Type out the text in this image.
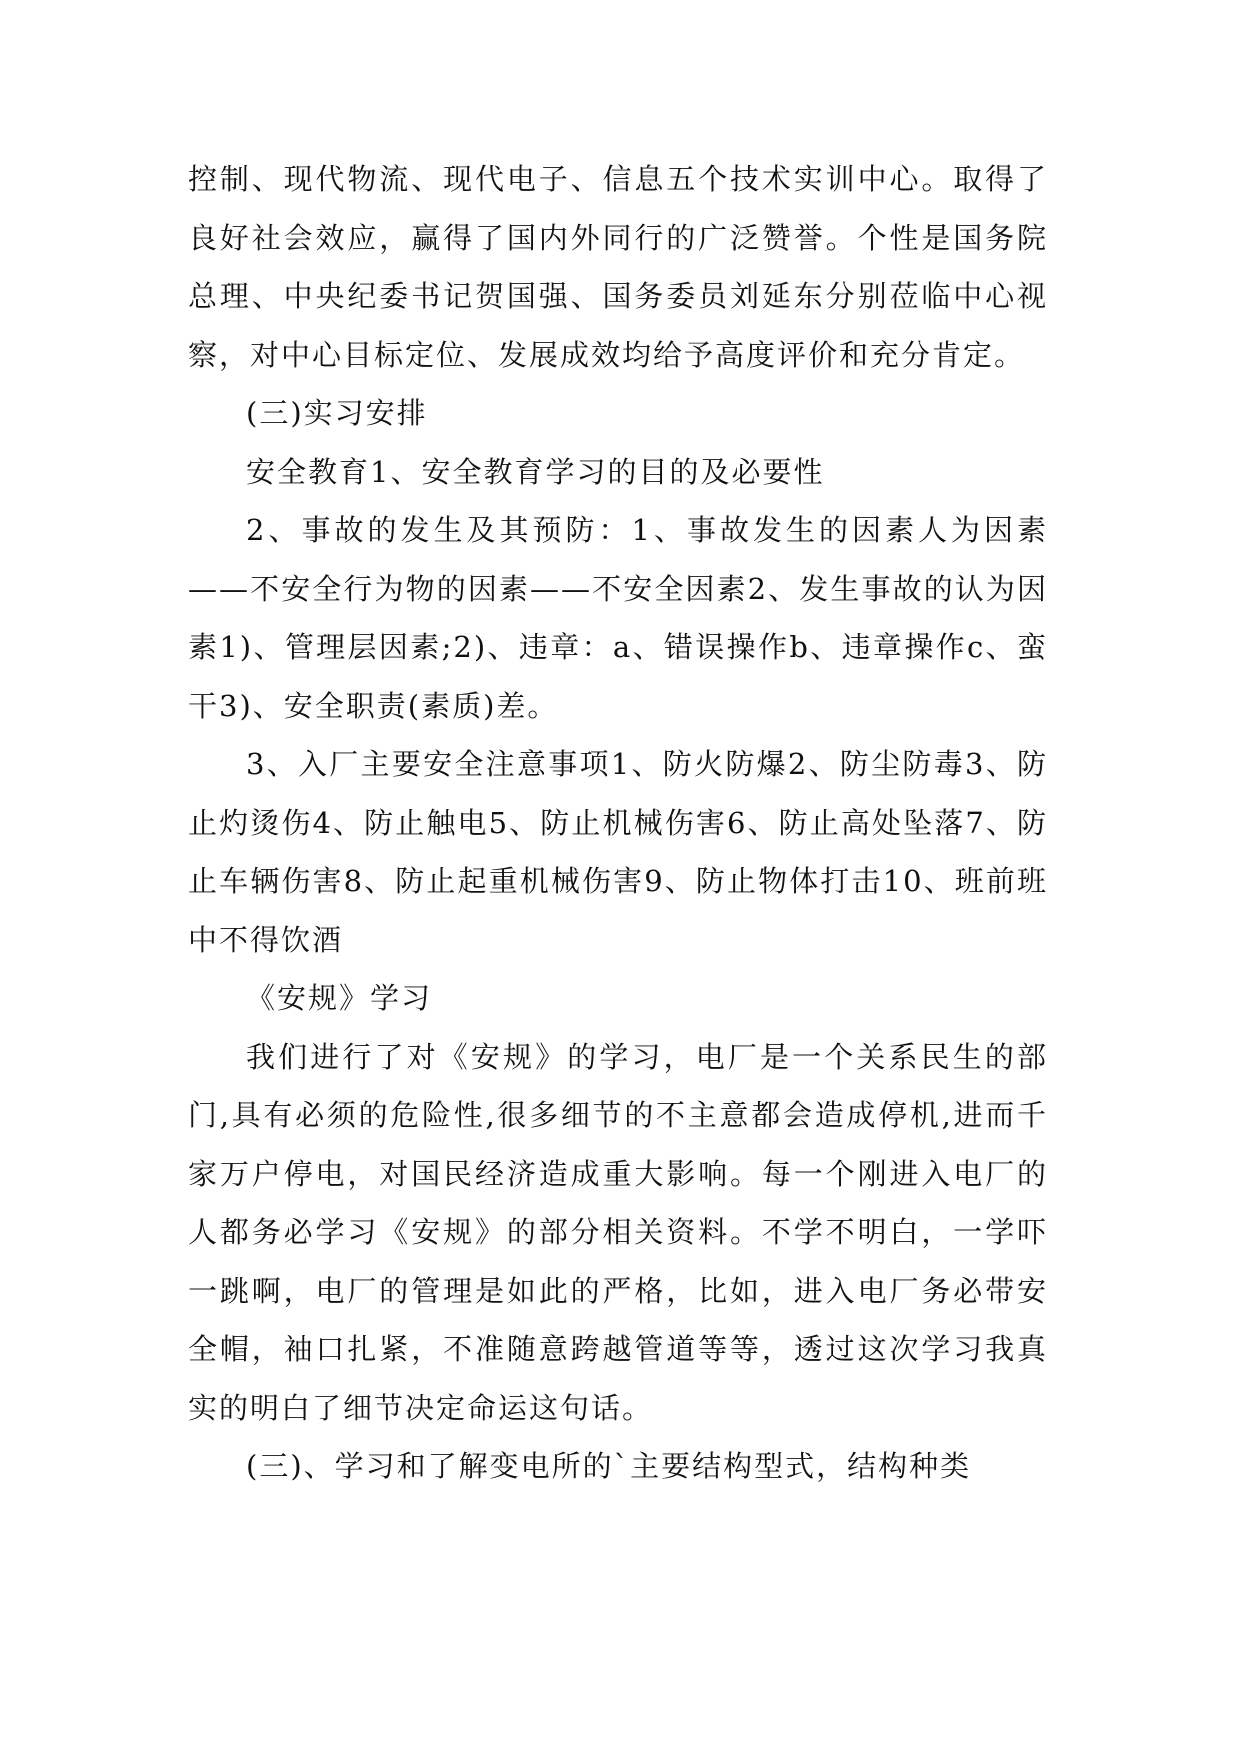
控制、现代物流、现代电子、信息五个技术实训中心。取得了良好社会效应，赢得了国内外同行的广泛赞誉。个性是国务院总理、中央纪委书记贺国强、国务委员刘延东分别莅临中心视察，对中心目标定位、发展成效均给予高度评价和充分肯定。

(三)实习安排

安全教育1、安全教育学习的目的及必要性

2、事故的发生及其预防：1、事故发生的因素人为因素——不安全行为物的因素——不安全因素2、发生事故的认为因素1)、管理层因素;2)、违章：a、错误操作b、违章操作c、蛮干3)、安全职责(素质)差。

3、入厂主要安全注意事项1、防火防爆2、防尘防毒3、防止灼烫伤4、防止触电5、防止机械伤害6、防止高处坠落7、防止车辆伤害8、防止起重机械伤害9、防止物体打击10、班前班中不得饮酒

《安规》学习

我们进行了对《安规》的学习，电厂是一个关系民生的部门,具有必须的危险性,很多细节的不主意都会造成停机,进而千家万户停电，对国民经济造成重大影响。每一个刚进入电厂的人都务必学习《安规》的部分相关资料。不学不明白，一学吓一跳啊，电厂的管理是如此的严格，比如，进入电厂务必带安全帽，袖口扎紧，不准随意跨越管道等等，透过这次学习我真实的明白了细节决定命运这句话。

(三)、学习和了解变电所的`主要结构型式，结构种类
